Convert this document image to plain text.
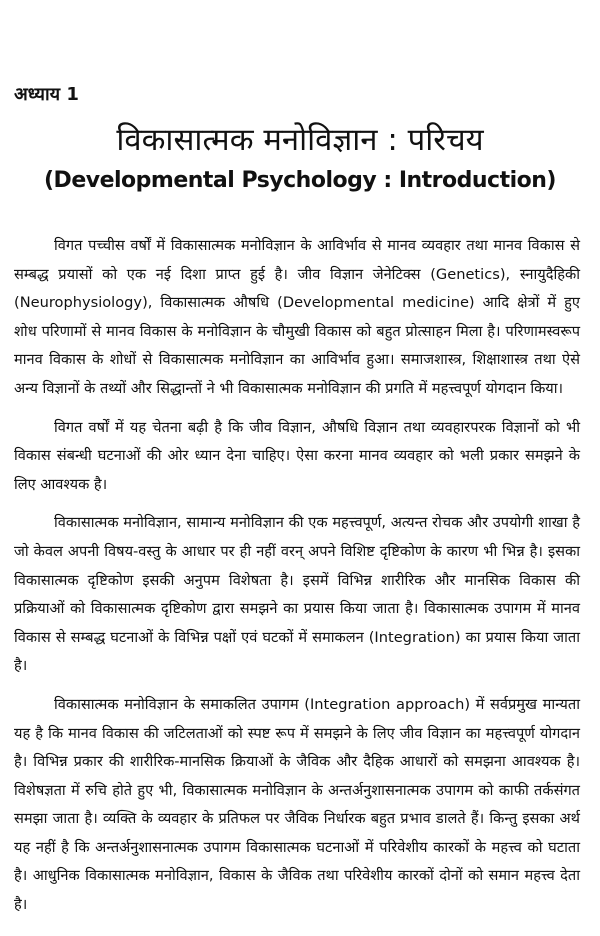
अध्याय 1
विकासात्मक मनोविज्ञान : परिचय
(Developmental Psychology : Introduction)

विगत पच्चीस वर्षों में विकासात्मक मनोविज्ञान के आविर्भाव से मानव व्यवहार तथा मानव विकास से सम्बद्ध प्रयासों को एक नई दिशा प्राप्त हुई है। जीव विज्ञान जेनेटिक्स (Genetics), स्नायुदैहिकी (Neurophysiology), विकासात्मक औषधि (Developmental medicine) आदि क्षेत्रों में हुए शोध परिणामों से मानव विकास के मनोविज्ञान के चौमुखी विकास को बहुत प्रोत्साहन मिला है। परिणामस्वरूप मानव विकास के शोधों से विकासात्मक मनोविज्ञान का आविर्भाव हुआ। समाजशास्त्र, शिक्षाशास्त्र तथा ऐसे अन्य विज्ञानों के तथ्यों और सिद्धान्तों ने भी विकासात्मक मनोविज्ञान की प्रगति में महत्त्वपूर्ण योगदान किया।

विगत वर्षों में यह चेतना बढ़ी है कि जीव विज्ञान, औषधि विज्ञान तथा व्यवहारपरक विज्ञानों को भी विकास संबन्धी घटनाओं की ओर ध्यान देना चाहिए। ऐसा करना मानव व्यवहार को भली प्रकार समझने के लिए आवश्यक है।

विकासात्मक मनोविज्ञान, सामान्य मनोविज्ञान की एक महत्त्वपूर्ण, अत्यन्त रोचक और उपयोगी शाखा है जो केवल अपनी विषय-वस्तु के आधार पर ही नहीं वरन् अपने विशिष्ट दृष्टिकोण के कारण भी भिन्न है। इसका विकासात्मक दृष्टिकोण इसकी अनुपम विशेषता है। इसमें विभिन्न शारीरिक और मानसिक विकास की प्रक्रियाओं को विकासात्मक दृष्टिकोण द्वारा समझने का प्रयास किया जाता है। विकासात्मक उपागम में मानव विकास से सम्बद्ध घटनाओं के विभिन्न पक्षों एवं घटकों में समाकलन (Integration) का प्रयास किया जाता है।

विकासात्मक मनोविज्ञान के समाकलित उपागम (Integration approach) में सर्वप्रमुख मान्यता यह है कि मानव विकास की जटिलताओं को स्पष्ट रूप में समझने के लिए जीव विज्ञान का महत्त्वपूर्ण योगदान है। विभिन्न प्रकार की शारीरिक-मानसिक क्रियाओं के जैविक और दैहिक आधारों को समझना आवश्यक है। विशेषज्ञता में रुचि होते हुए भी, विकासात्मक मनोविज्ञान के अन्तर्अनुशासनात्मक उपागम को काफी तर्कसंगत समझा जाता है। व्यक्ति के व्यवहार के प्रतिफल पर जैविक निर्धारक बहुत प्रभाव डालते हैं। किन्तु इसका अर्थ यह नहीं है कि अन्तर्अनुशासनात्मक उपागम विकासात्मक घटनाओं में परिवेशीय कारकों के महत्त्व को घटाता है। आधुनिक विकासात्मक मनोविज्ञान, विकास के जैविक तथा परिवेशीय कारकों दोनों को समान महत्त्व देता है।
